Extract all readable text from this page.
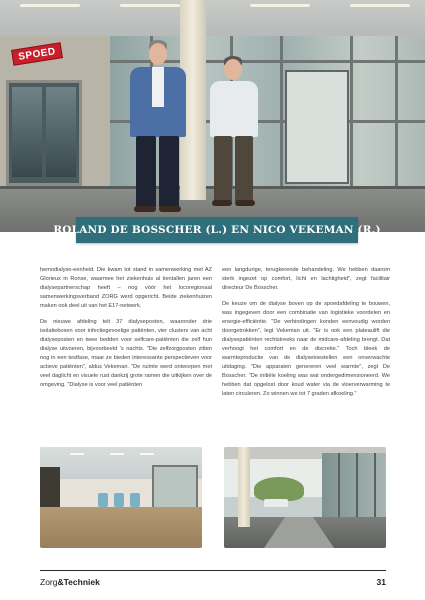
SPOED
ROLAND DE BOSSCHER (L.) EN NICO VEKEMAN (R.)

hemodialyse-eenheid. Die kwam tot stand in samenwerking met AZ Glorieux in Ronse, waarmee het ziekenhuis al tientallen jaren een dialysepartnerschap heeft – nog vóór het locoregionaal samenwerkingsverband ZORG werd opgericht. Beide ziekenhuizen maken ook deel uit van het E17-netwerk.

De nieuwe afdeling telt 37 dialyseposten, waaronder drie isolatieboxen voor infectiegevoelige patiënten, vier clusters van acht dialyseposten en twee bedden voor selfcare-patiënten die zelf hun dialyse uitvoeren, bijvoorbeeld 's nachts. "Die zelfzorgposten zitten nog in een testfase, maar ze bieden interessante perspectieven voor actieve patiënten", aldus Vekeman. "De ruimte werd ontworpen met veel daglicht en visuele rust dankzij grote ramen die uitkijken over de omgeving. "Dialyse is voor veel patiënten

een langdurige, terugkerende behandeling. We hebben daarom sterk ingezet op comfort, licht en lachtigheid", zegt facilitair directeur De Bosscher.

De keuze om de dialyse boven op de spoedafdeling te bouwen, was ingegeven door een combinatie van logistieke voordelen en energie-efficiëntie. "De verbindingen konden eenvoudig worden doorgetrokken", legt Vekeman uit. "Er is ook een plateaulift die dialysepatiënten rechtstreeks naar de midcare-afdeling brengt. Dat verhoogt het comfort en de discretie." Toch bleek de warmteproductie van de dialysetoestellen een onverwachte uitdaging. "Die apparaten genereren veel warmte", zegt De Bosscher. "De initiële koeling was wat ondergedimensioneerd. We hebben dat opgelost door koud water via de vloerverwarming te laten circuleren. Zo winnen we tot 7 graden afkoeling."

Zorg&Techniek	31
